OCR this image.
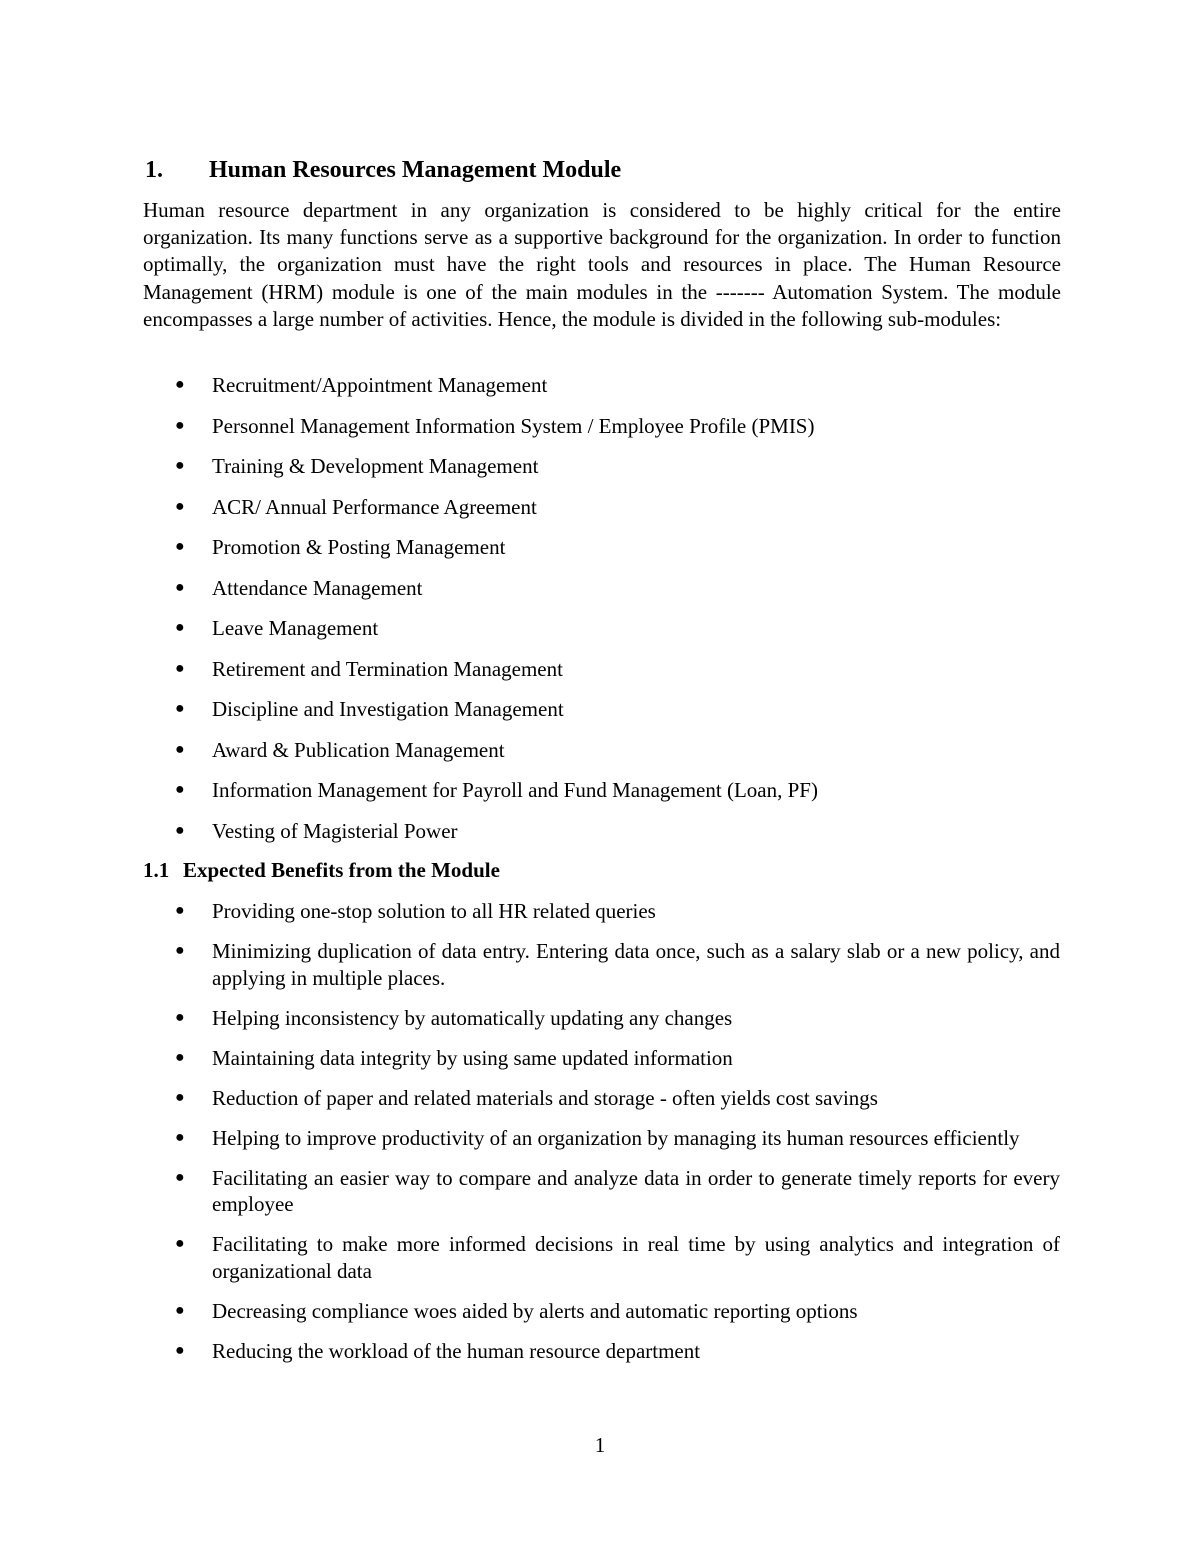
1. Human Resources Management Module

Human resource department in any organization is considered to be highly critical for the entire organization. Its many functions serve as a supportive background for the organization. In order to function optimally, the organization must have the right tools and resources in place. The Human Resource Management (HRM) module is one of the main modules in the ------- Automation System. The module encompasses a large number of activities. Hence, the module is divided in the following sub-modules:

● Recruitment/Appointment Management
● Personnel Management Information System / Employee Profile (PMIS)
● Training & Development Management
● ACR/ Annual Performance Agreement
● Promotion & Posting Management
● Attendance Management
● Leave Management
● Retirement and Termination Management
● Discipline and Investigation Management
● Award & Publication Management
● Information Management for Payroll and Fund Management (Loan, PF)
● Vesting of Magisterial Power
1.1 Expected Benefits from the Module
● Providing one-stop solution to all HR related queries
● Minimizing duplication of data entry. Entering data once, such as a salary slab or a new policy, and applying in multiple places.
● Helping inconsistency by automatically updating any changes
● Maintaining data integrity by using same updated information
● Reduction of paper and related materials and storage - often yields cost savings
● Helping to improve productivity of an organization by managing its human resources efficiently
● Facilitating an easier way to compare and analyze data in order to generate timely reports for every employee
● Facilitating to make more informed decisions in real time by using analytics and integration of organizational data
● Decreasing compliance woes aided by alerts and automatic reporting options
● Reducing the workload of the human resource department
1
